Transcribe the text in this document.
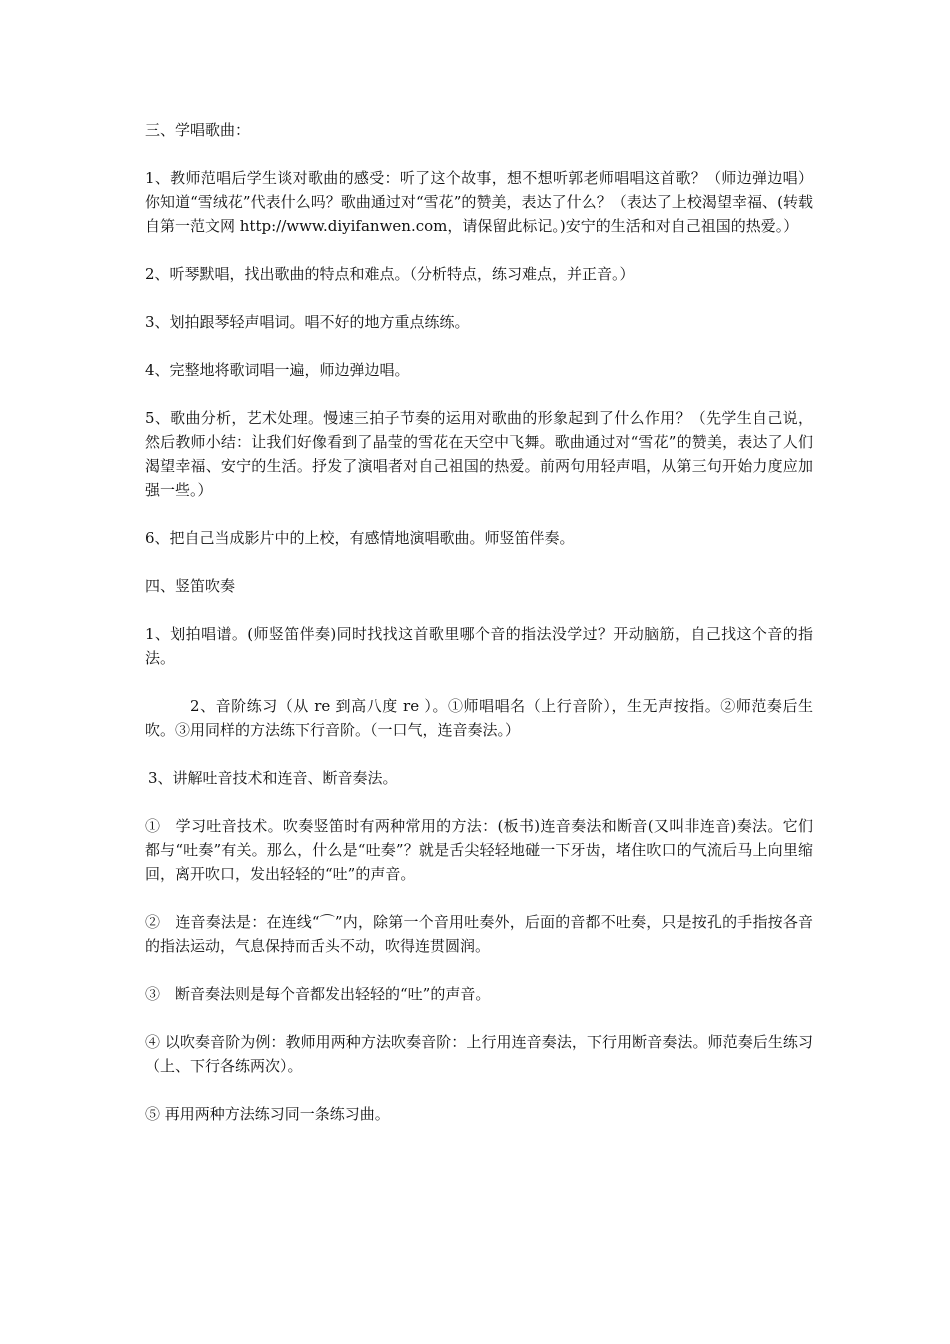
三、学唱歌曲：

1、教师范唱后学生谈对歌曲的感受：听了这个故事，想不想听郭老师唱唱这首歌？（师边弹边唱）你知道“雪绒花”代表什么吗？歌曲通过对“雪花”的赞美，表达了什么？（表达了上校渴望幸福、(转载自第一范文网 http://www.diyifanwen.com，请保留此标记。)安宁的生活和对自己祖国的热爱。）

2、听琴默唱，找出歌曲的特点和难点。（分析特点，练习难点，并正音。）

3、划拍跟琴轻声唱词。唱不好的地方重点练练。

4、完整地将歌词唱一遍，师边弹边唱。

5、歌曲分析，艺术处理。慢速三拍子节奏的运用对歌曲的形象起到了什么作用？（先学生自己说，然后教师小结：让我们好像看到了晶莹的雪花在天空中飞舞。歌曲通过对“雪花”的赞美，表达了人们渴望幸福、安宁的生活。抒发了演唱者对自己祖国的热爱。前两句用轻声唱，从第三句开始力度应加强一些。）

6、把自己当成影片中的上校，有感情地演唱歌曲。师竖笛伴奏。

四、竖笛吹奏

1、划拍唱谱。(师竖笛伴奏)同时找找这首歌里哪个音的指法没学过？开动脑筋，自己找这个音的指法。

2、音阶练习（从 re 到高八度 re ）。①师唱唱名（上行音阶），生无声按指。②师范奏后生吹。③用同样的方法练下行音阶。（一口气，连音奏法。）

3、讲解吐音技术和连音、断音奏法。

①　学习吐音技术。吹奏竖笛时有两种常用的方法：(板书)连音奏法和断音(又叫非连音)奏法。它们都与“吐奏”有关。那么，什么是“吐奏”？就是舌尖轻轻地碰一下牙齿，堵住吹口的气流后马上向里缩回，离开吹口，发出轻轻的“吐”的声音。

②　连音奏法是：在连线“⌒”内，除第一个音用吐奏外，后面的音都不吐奏，只是按孔的手指按各音的指法运动，气息保持而舌头不动，吹得连贯圆润。

③　断音奏法则是每个音都发出轻轻的“吐”的声音。

④ 以吹奏音阶为例：教师用两种方法吹奏音阶：上行用连音奏法，下行用断音奏法。师范奏后生练习（上、下行各练两次）。

⑤ 再用两种方法练习同一条练习曲。
